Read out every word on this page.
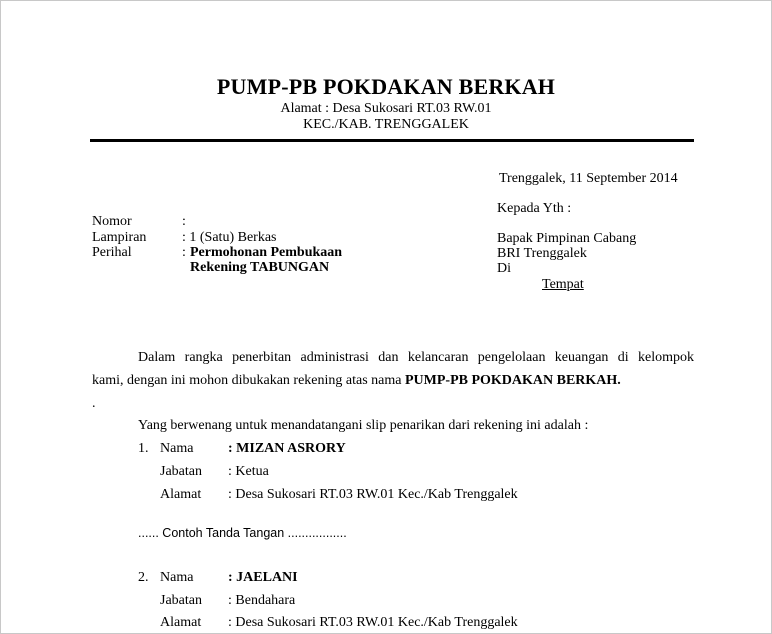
PUMP-PB POKDAKAN BERKAH
Alamat : Desa Sukosari RT.03 RW.01
KEC./KAB. TRENGGALEK
Trenggalek, 11 September 2014
Kepada Yth :
Bapak Pimpinan Cabang
BRI Trenggalek
Di
Tempat
Nomor	:
Lampiran	: 1 (Satu) Berkas
Perihal	: Permohonan Pembukaan
Rekening TABUNGAN
Dalam rangka penerbitan administrasi dan kelancaran pengelolaan keuangan di kelompok
kami, dengan ini mohon dibukakan rekening atas nama PUMP-PB POKDAKAN BERKAH.
.
Yang berwenang untuk menandatangani slip penarikan dari rekening ini adalah :
1. Nama : MIZAN ASRORY
Jabatan : Ketua
Alamat : Desa Sukosari RT.03 RW.01 Kec./Kab Trenggalek
...... Contoh Tanda Tangan .................
2. Nama : JAELANI
Jabatan : Bendahara
Alamat : Desa Sukosari RT.03 RW.01 Kec./Kab Trenggalek
